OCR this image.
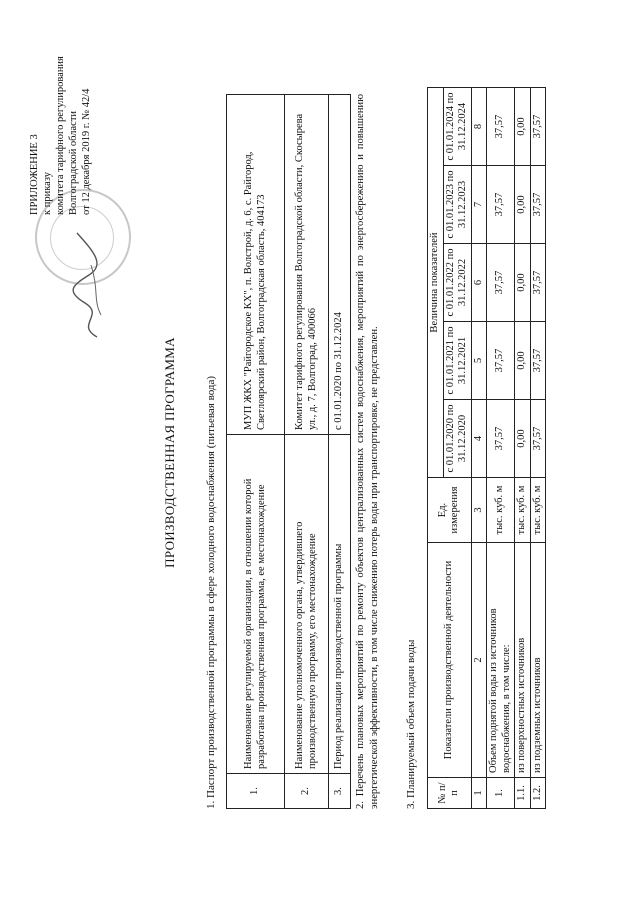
ПРИЛОЖЕНИЕ 3 к приказу комитета тарифного регулирования Волгоградской области от 12 декабря 2019 г. № 42/4
ПРОИЗВОДСТВЕННАЯ ПРОГРАММА	1. Паспорт производственной программы в сфере холодного водоснабжения (питьевая вода)	1.	Наименование регулируемой организации, в отношении которой разработана производственная программа, ее местонахождение	МУП ЖКХ "Райгородское КХ", п. Волстрой, д. 6, с. Райгород, Светлоярский район, Волгоградская область, 404173
2.	Наименование уполномоченного органа, утвердившего производственную программу, его местонахождение	Комитет тарифного регулирования Волгоградской области, Скосырева ул., д. 7, Волгоград, 400066
3.	Период реализации производственной программы	с 01.01.2020 по 31.12.2024 2. Перечень плановых мероприятий по ремонту объектов централизованных систем водоснабжения, мероприятий по энергосбережению и повышению энергетической эффективности, в том числе снижению потерь воды при транспортировке, не представлен. 3. Планируемый объем подачи воды № п/п	Показатели производственной деятельности	Ед. измерения	Величина показателей				
			с 01.01.2020 по 31.12.2020	с 01.01.2021 по 31.12.2021	с 01.01.2022 по 31.12.2022	с 01.01.2023 по 31.12.2023	с 01.01.2024 по 31.12.2024
1	2	3	4	5	6	7	8
1.	Объем поднятой воды из источников водоснабжения, в том числе:	тыс. куб. м	37,57	37,57	37,57	37,57	37,57
1.1.	из поверхностных источников	тыс. куб. м	0,00	0,00	0,00	0,00	0,00
1.2.	из подземных источников	тыс. куб. м	37,57	37,57	37,57	37,57	37,57
